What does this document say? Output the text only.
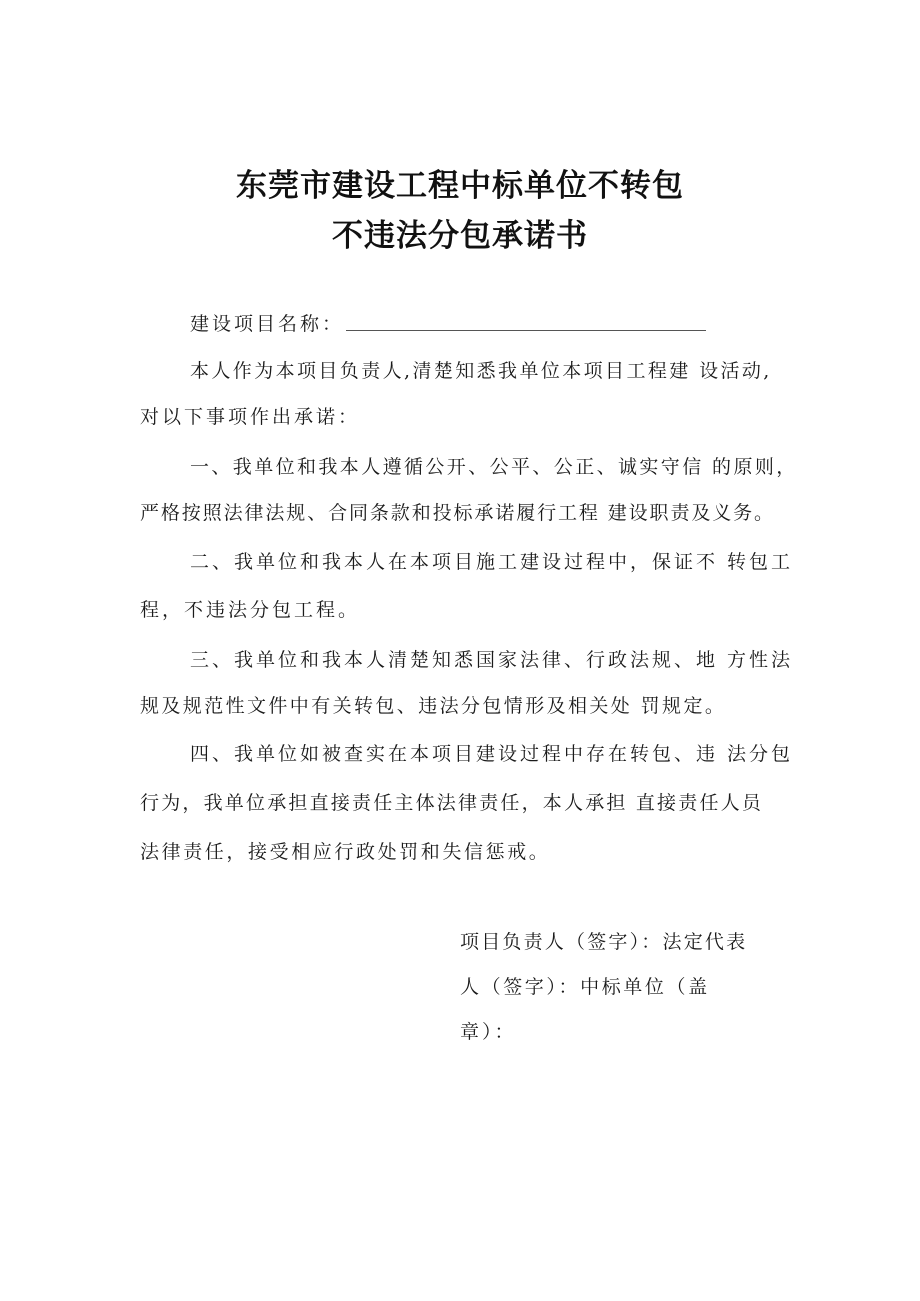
东莞市建设工程中标单位不转包
不违法分包承诺书

建设项目名称：

本人作为本项目负责人,清楚知悉我单位本项目工程建 设活动,

对以下事项作出承诺：

一、我单位和我本人遵循公开、公平、公正、诚实守信 的原则，

严格按照法律法规、合同条款和投标承诺履行工程 建设职责及义务。

二、我单位和我本人在本项目施工建设过程中，保证不 转包工

程，不违法分包工程。

三、我单位和我本人清楚知悉国家法律、行政法规、地 方性法

规及规范性文件中有关转包、违法分包情形及相关处 罚规定。

四、我单位如被查实在本项目建设过程中存在转包、违 法分包

行为，我单位承担直接责任主体法律责任，本人承担 直接责任人员

法律责任，接受相应行政处罚和失信惩戒。

项目负责人（签字）：法定代表

人（签字）：中标单位（盖

章）：
